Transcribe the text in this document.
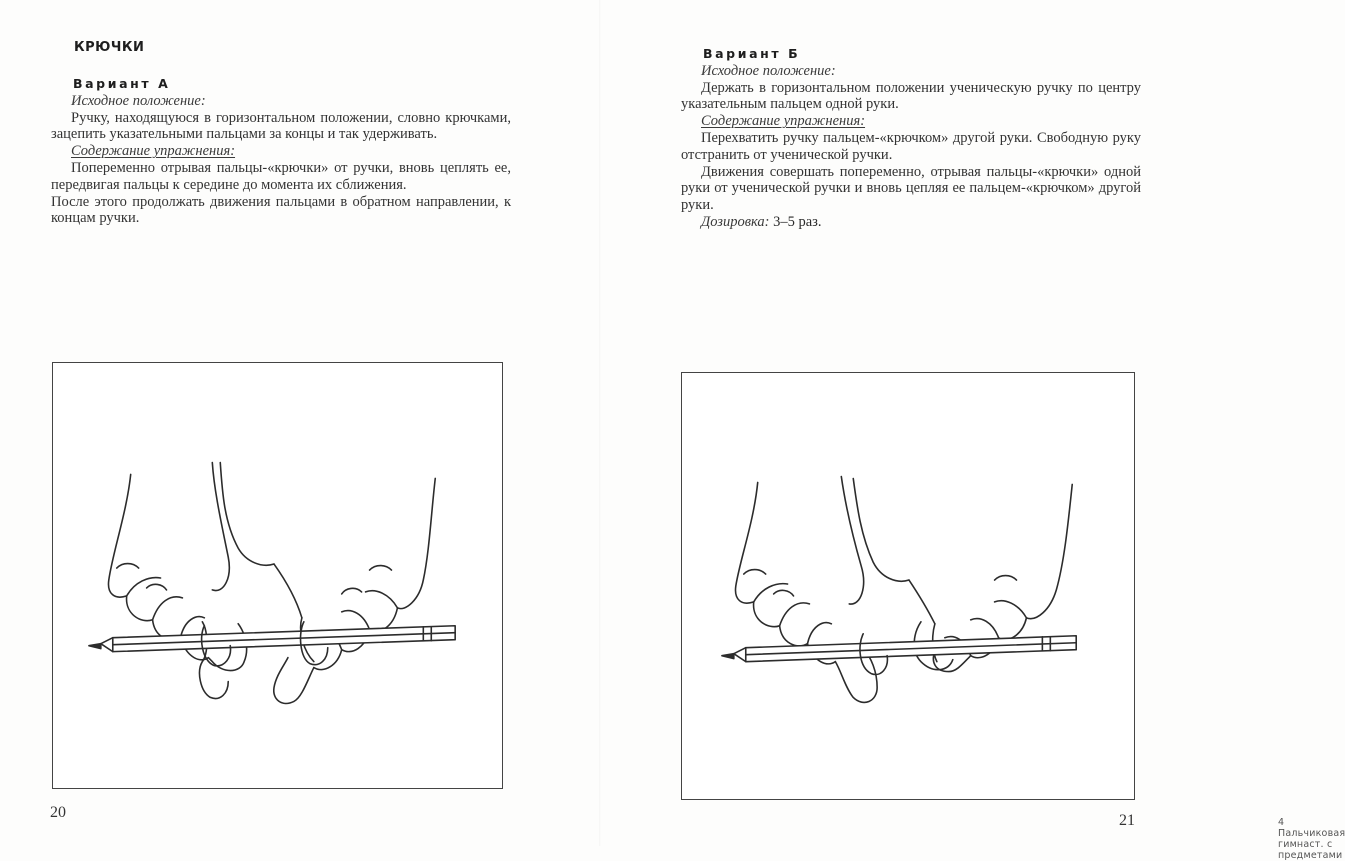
КРЮЧКИ
Вариант А
Исходное положение:

Ручку, находящуюся в горизонтальном положении, словно крючками, зацепить указательными пальцами за концы и так удерживать.

Содержание упражнения:

Попеременно отрывая пальцы-«крючки» от ручки, вновь цеплять ее, передвигая пальцы к середине до момента их сближения.

После этого продолжать движения пальцами в обратном направлении, к концам ручки.

20
Вариант Б
Исходное положение:

Держать в горизонтальном положении ученическую ручку по центру указательным пальцем одной руки.

Содержание упражнения:

Перехватить ручку пальцем-«крючком» другой руки. Свободную руку отстранить от ученической ручки.

Движения совершать попеременно, отрывая пальцы-«крючки» одной руки от ученической ручки и вновь цепляя ее пальцем-«крючком» другой руки.

Дозировка: 3–5 раз.
4 Пальчиковая гимнаст. с предметами
21
